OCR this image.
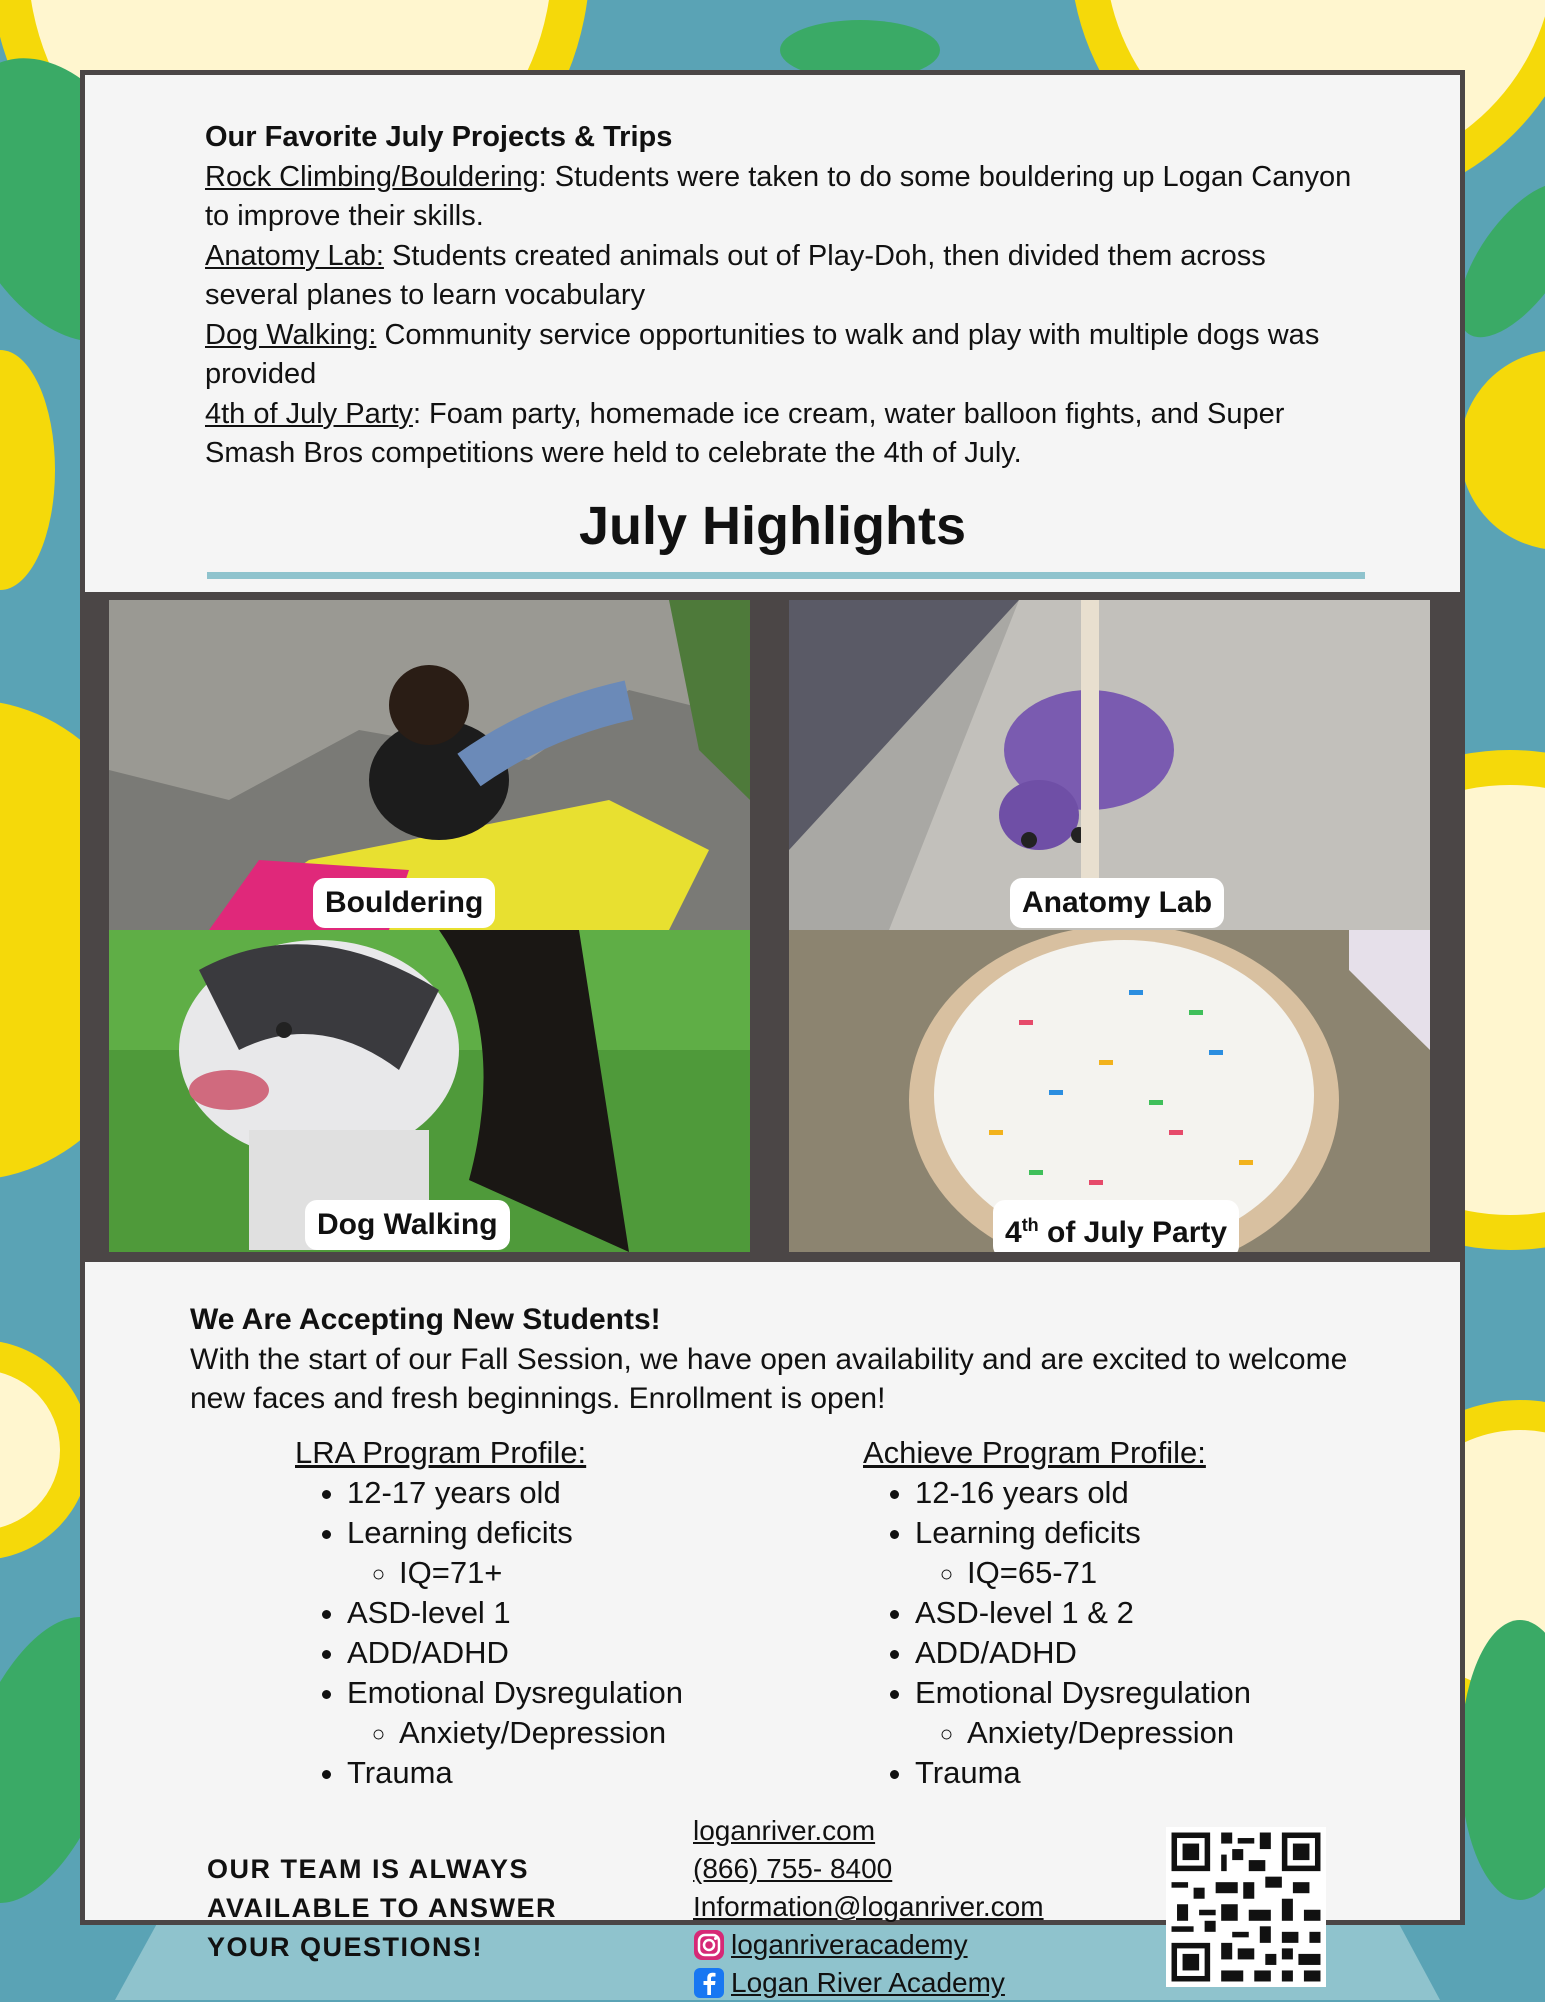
Our Favorite July Projects & Trips
Rock Climbing/Bouldering: Students were taken to do some bouldering up Logan Canyon to improve their skills.
Anatomy Lab: Students created animals out of Play-Doh, then divided them across several planes to learn vocabulary
Dog Walking: Community service opportunities to walk and play with multiple dogs was provided
4th of July Party: Foam party, homemade ice cream, water balloon fights, and Super Smash Bros competitions were held to celebrate the 4th of July.
July Highlights
Bouldering	Anatomy Lab
Dog Walking	4th of July Party
We Are Accepting New Students!
With the start of our Fall Session, we have open availability and are excited to welcome new faces and fresh beginnings. Enrollment is open!
LRA Program Profile:
• 12-17 years old
• Learning deficits
◦ IQ=71+
• ASD-level 1
• ADD/ADHD
• Emotional Dysregulation
◦ Anxiety/Depression
• Trauma
Achieve Program Profile:
• 12-16 years old
• Learning deficits
◦ IQ=65-71
• ASD-level 1 & 2
• ADD/ADHD
• Emotional Dysregulation
◦ Anxiety/Depression
• Trauma
OUR TEAM IS ALWAYS
AVAILABLE TO ANSWER
YOUR QUESTIONS!
loganriver.com
(866) 755- 8400
Information@loganriver.com
loganriveracademy
Logan River Academy
